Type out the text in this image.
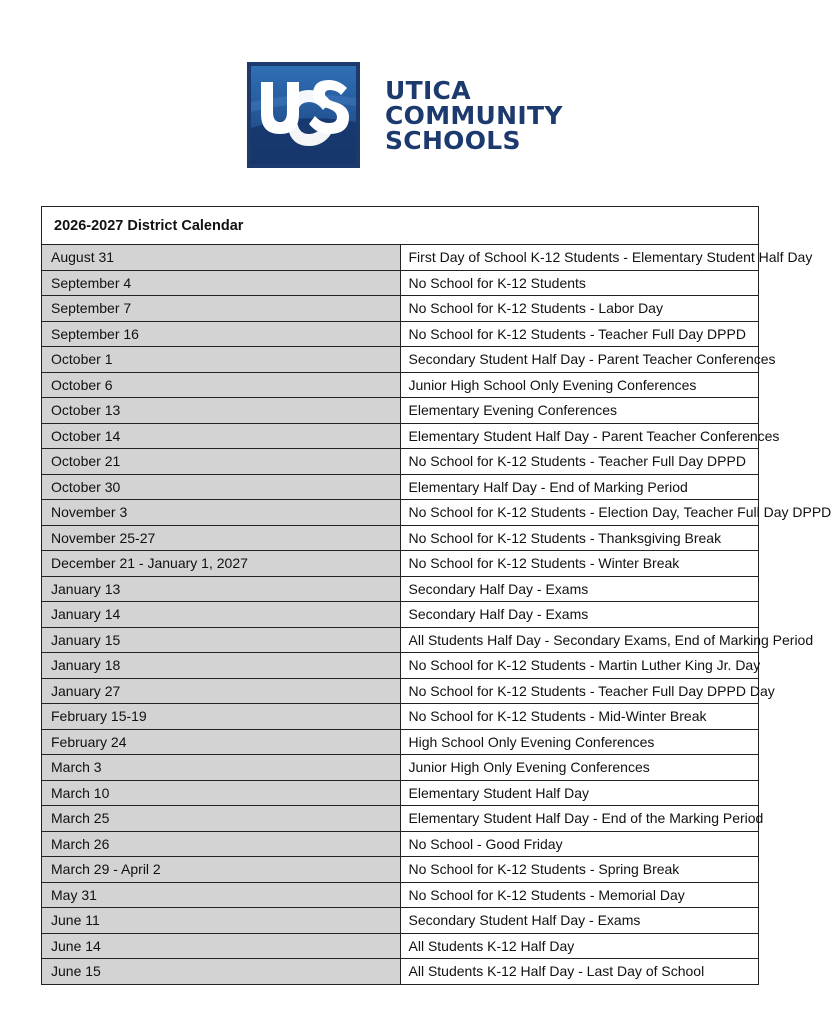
UTICA
COMMUNITY
SCHOOLS
2026-2027 District Calendar	
August 31	First Day of School K-12 Students - Elementary Student Half Day
September 4	No School for K-12 Students
September 7	No School for K-12 Students - Labor Day
September 16	No School for K-12 Students - Teacher Full Day DPPD
October 1	Secondary Student Half Day - Parent Teacher Conferences
October 6	Junior High School Only Evening Conferences
October 13	Elementary Evening Conferences
October 14	Elementary Student Half Day - Parent Teacher Conferences
October 21	No School for K-12 Students - Teacher Full Day DPPD
October 30	Elementary Half Day - End of Marking Period
November 3	No School for K-12 Students - Election Day, Teacher Full Day DPPD
November 25-27	No School for K-12 Students - Thanksgiving Break
December 21 - January 1, 2027	No School for K-12 Students - Winter Break
January 13	Secondary Half Day - Exams
January 14	Secondary Half Day - Exams
January 15	All Students Half Day - Secondary Exams, End of Marking Period
January 18	No School for K-12 Students - Martin Luther King Jr. Day
January 27	No School for K-12 Students - Teacher Full Day DPPD Day
February 15-19	No School for K-12 Students - Mid-Winter Break
February 24	High School Only Evening Conferences
March 3	Junior High Only Evening Conferences
March 10	Elementary Student Half Day
March 25	Elementary Student Half Day - End of the Marking Period
March 26	No School - Good Friday
March 29 - April 2	No School for K-12 Students - Spring Break
May 31	No School for K-12 Students - Memorial Day
June 11	Secondary Student Half Day - Exams
June 14	All Students K-12 Half Day
June 15	All Students K-12 Half Day - Last Day of School
